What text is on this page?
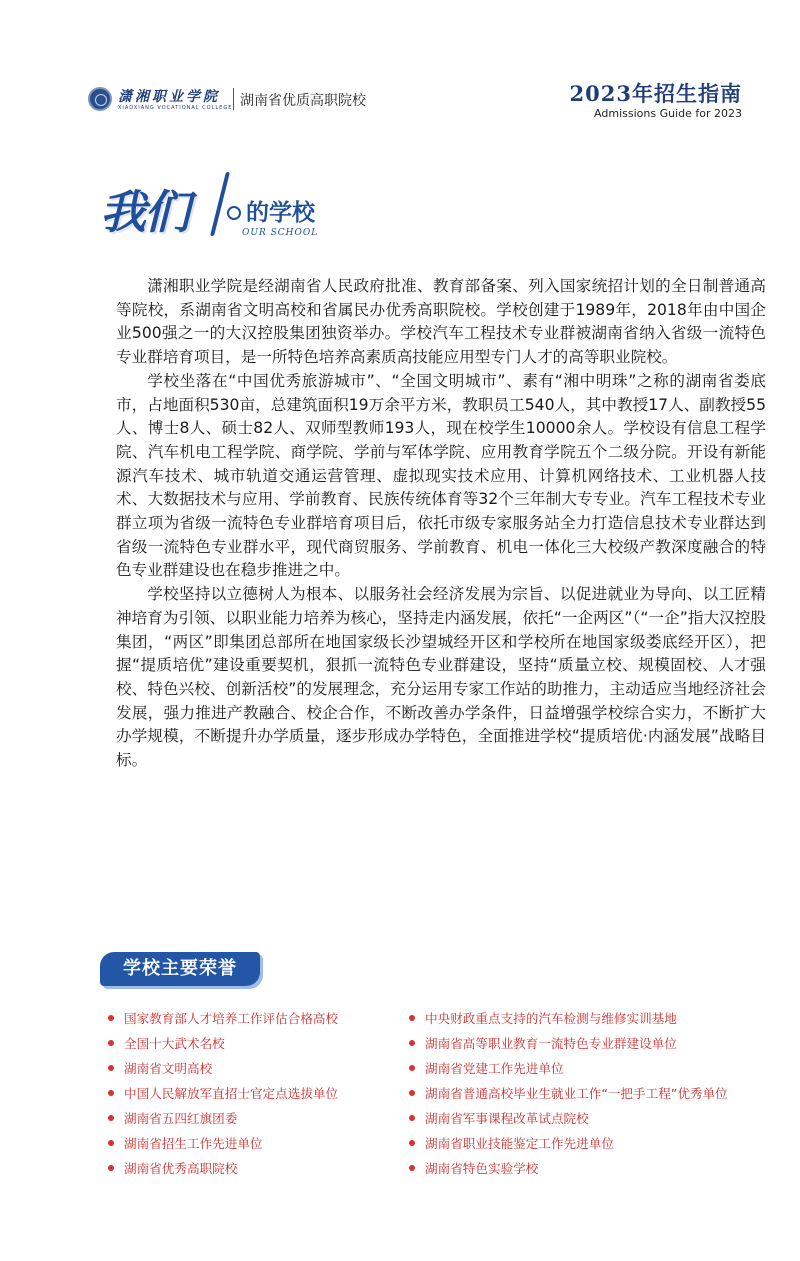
潇湘职业学院
XIAOXIANG VOCATIONAL COLLEGE 湖南省优质高职院校	2023年招生指南
Admissions Guide for 2023
我们	的学校
OUR SCHOOL

潇湘职业学院是经湖南省人民政府批准、教育部备案、列入国家统招计划的全日制普通高等院校，系湖南省文明高校和省属民办优秀高职院校。学校创建于1989年，2018年由中国企业500强之一的大汉控股集团独资举办。学校汽车工程技术专业群被湖南省纳入省级一流特色专业群培育项目，是一所特色培养高素质高技能应用型专门人才的高等职业院校。

学校坐落在“中国优秀旅游城市”、“全国文明城市”、素有“湘中明珠”之称的湖南省娄底市，占地面积530亩，总建筑面积19万余平方米，教职员工540人，其中教授17人、副教授55人、博士8人、硕士82人、双师型教师193人，现在校学生10000余人。学校设有信息工程学院、汽车机电工程学院、商学院、学前与军体学院、应用教育学院五个二级分院。开设有新能源汽车技术、城市轨道交通运营管理、虚拟现实技术应用、计算机网络技术、工业机器人技术、大数据技术与应用、学前教育、民族传统体育等32个三年制大专专业。汽车工程技术专业群立项为省级一流特色专业群培育项目后，依托市级专家服务站全力打造信息技术专业群达到省级一流特色专业群水平，现代商贸服务、学前教育、机电一体化三大校级产教深度融合的特色专业群建设也在稳步推进之中。

学校坚持以立德树人为根本、以服务社会经济发展为宗旨、以促进就业为导向、以工匠精神培育为引领、以职业能力培养为核心，坚持走内涵发展，依托“一企两区”（“一企”指大汉控股集团，“两区”即集团总部所在地国家级长沙望城经开区和学校所在地国家级娄底经开区），把握“提质培优”建设重要契机，狠抓一流特色专业群建设，坚持“质量立校、规模固校、人才强校、特色兴校、创新活校”的发展理念，充分运用专家工作站的助推力，主动适应当地经济社会发展，强力推进产教融合、校企合作，不断改善办学条件，日益增强学校综合实力，不断扩大办学规模，不断提升办学质量，逐步形成办学特色，全面推进学校“提质培优·内涵发展”战略目标。

学校主要荣誉
国家教育部人才培养工作评估合格高校
全国十大武术名校
湖南省文明高校
中国人民解放军直招士官定点选拔单位
湖南省五四红旗团委
湖南省招生工作先进单位
湖南省优秀高职院校
中央财政重点支持的汽车检测与维修实训基地
湖南省高等职业教育一流特色专业群建设单位
湖南省党建工作先进单位
湖南省普通高校毕业生就业工作“一把手工程”优秀单位
湖南省军事课程改革试点院校
湖南省职业技能鉴定工作先进单位
湖南省特色实验学校
